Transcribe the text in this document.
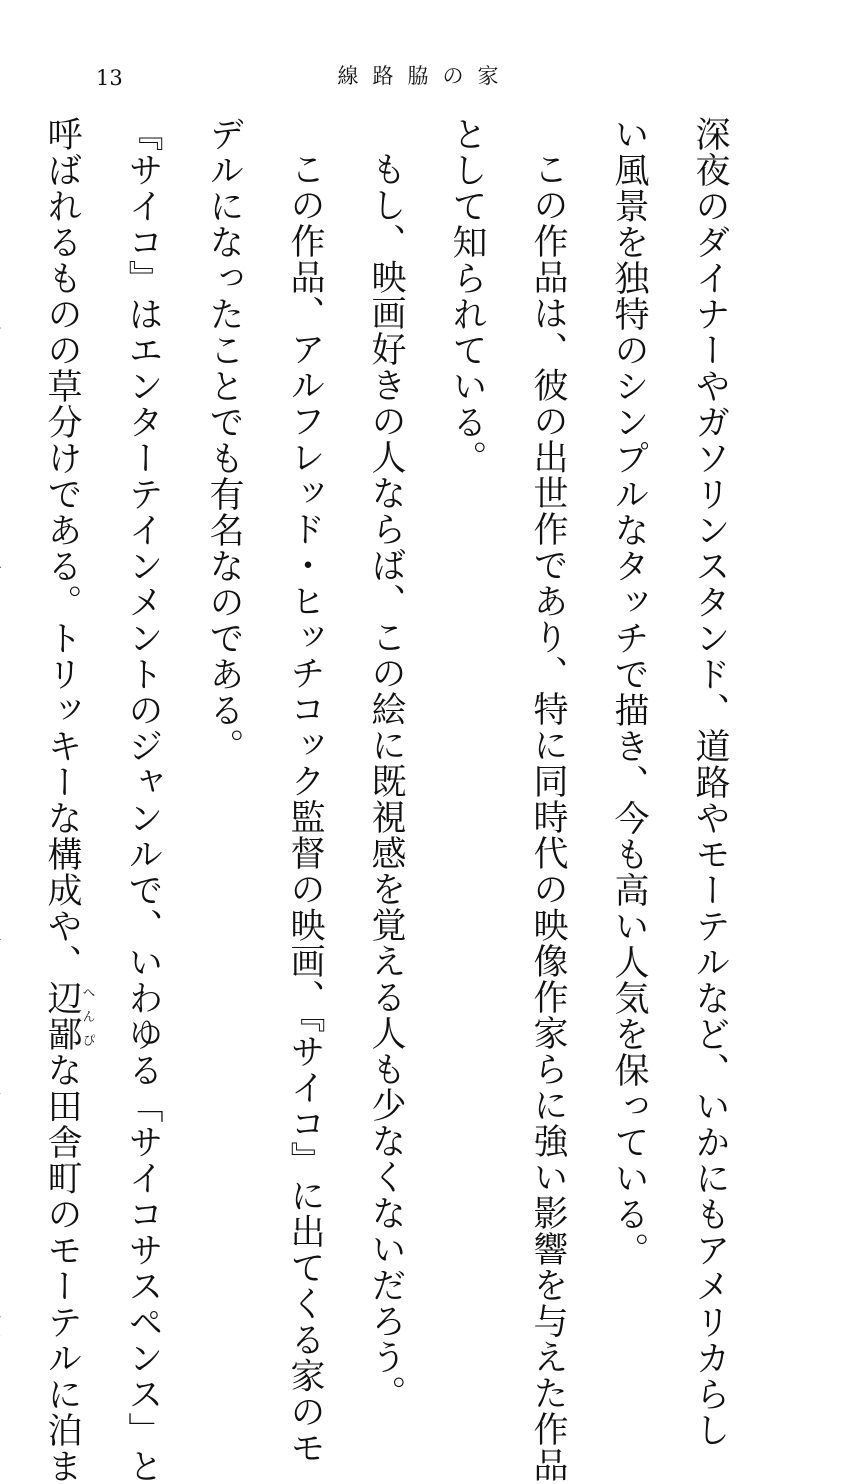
13	線路脇の家

深夜のダイナーやガソリンスタンド、道路やモーテルなど、いかにもアメリカらし

い風景を独特のシンプルなタッチで描き、今も高い人気を保っている。

この作品は、彼の出世作であり、特に同時代の映像作家らに強い影響を与えた作品

として知られている。

もし、映画好きの人ならば、この絵に既視感を覚える人も少なくないだろう。

この作品、アルフレッド・ヒッチコック監督の映画、『サイコ』に出てくる家のモ

デルになったことでも有名なのである。

『サイコ』はエンターテインメントのジャンルで、いわゆる「サイコサスペンス」と

呼ばれるものの草分けである。トリッキーな構成や、辺鄙へんぴな田舎町のモーテルに泊ま
